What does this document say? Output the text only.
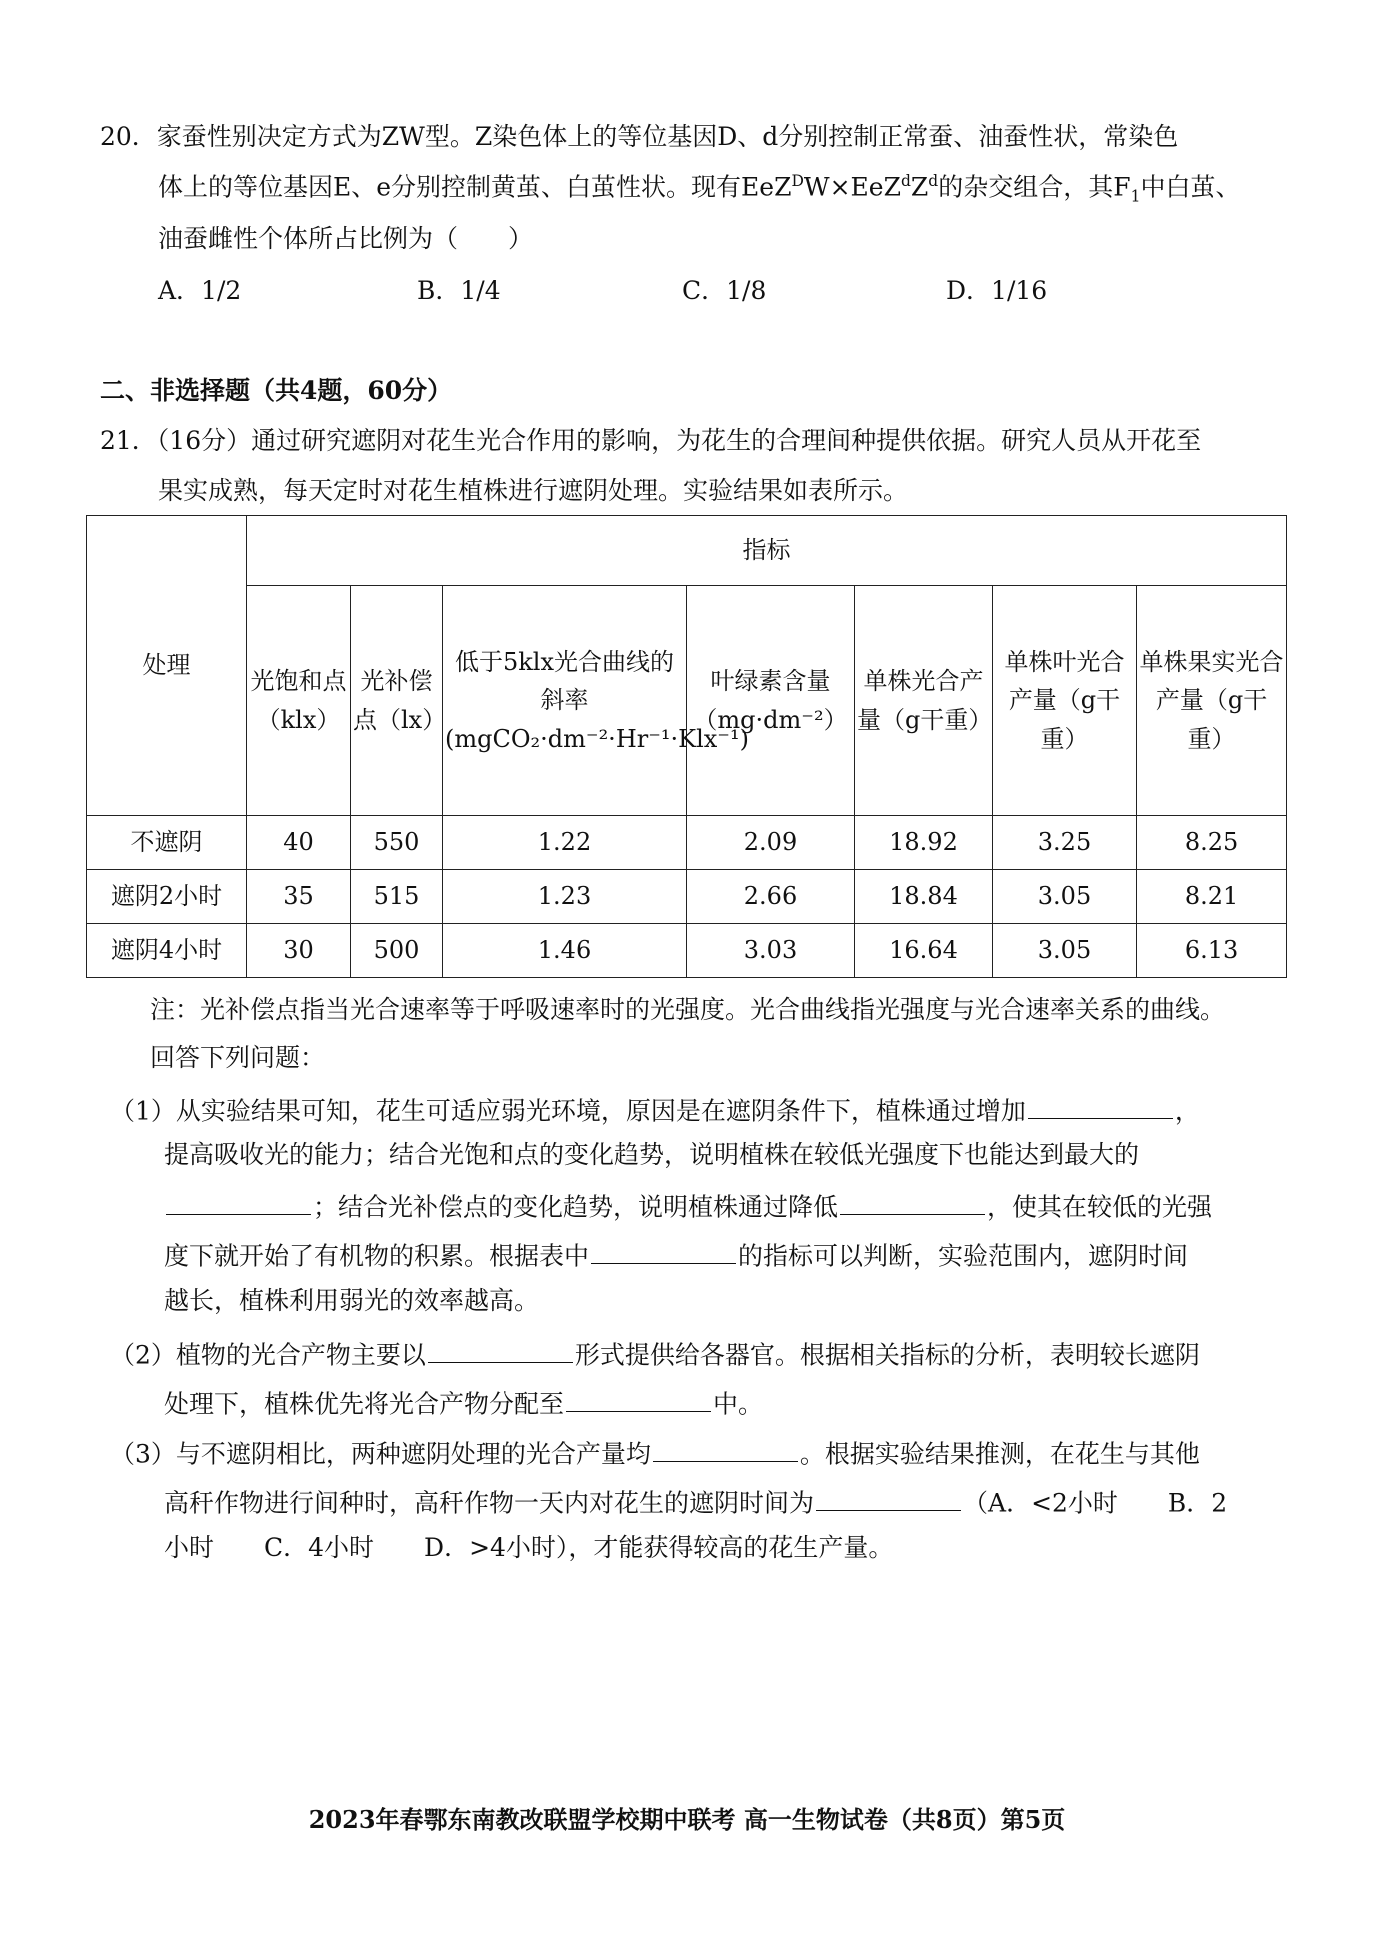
20．家蚕性别决定方式为ZW型。Z染色体上的等位基因D、d分别控制正常蚕、油蚕性状，常染色
体上的等位基因E、e分别控制黄茧、白茧性状。现有$EeZ^DW\times EeZ^dZ^d$的杂交组合，其$F_1$中白茧、
油蚕雌性个体所占比例为（　　）
A．1/2	B．1/4	C．1/8	D．1/16
二、非选择题（共4题，60分）
21．（16分）通过研究遮阴对花生光合作用的影响，为花生的合理间种提供依据。研究人员从开花至
果实成熟，每天定时对花生植株进行遮阴处理。实验结果如表所示。
处理	指标						
	光饱和点（klx）	光补偿点（lx）	低于5klx光合曲线的斜率(mgCO₂·dm⁻²·Hr⁻¹·Klx⁻¹)	叶绿素含量（mg·dm⁻²）	单株光合产量（g干重）	单株叶光合产量（g干重）	单株果实光合产量（g干重）
不遮阴	40	550	1.22	2.09	18.92	3.25	8.25
遮阴2小时	35	515	1.23	2.66	18.84	3.05	8.21
遮阴4小时	30	500	1.46	3.03	16.64	3.05	6.13
注：光补偿点指当光合速率等于呼吸速率时的光强度。光合曲线指光强度与光合速率关系的曲线。
回答下列问题：
（1）从实验结果可知，花生可适应弱光环境，原因是在遮阴条件下，植株通过增加	，
提高吸收光的能力；结合光饱和点的变化趋势，说明植株在较低光强度下也能达到最大的
；结合光补偿点的变化趋势，说明植株通过降低	，使其在较低的光强
度下就开始了有机物的积累。根据表中	的指标可以判断，实验范围内，遮阴时间
越长，植株利用弱光的效率越高。
（2）植物的光合产物主要以	形式提供给各器官。根据相关指标的分析，表明较长遮阴
处理下，植株优先将光合产物分配至	中。
（3）与不遮阴相比，两种遮阴处理的光合产量均	。根据实验结果推测，在花生与其他
高秆作物进行间种时，高秆作物一天内对花生的遮阴时间为	（A．<2小时　　B．2
小时　　C．4小时　　D．>4小时），才能获得较高的花生产量。
2023年春鄂东南教改联盟学校期中联考 高一生物试卷（共8页）第5页
